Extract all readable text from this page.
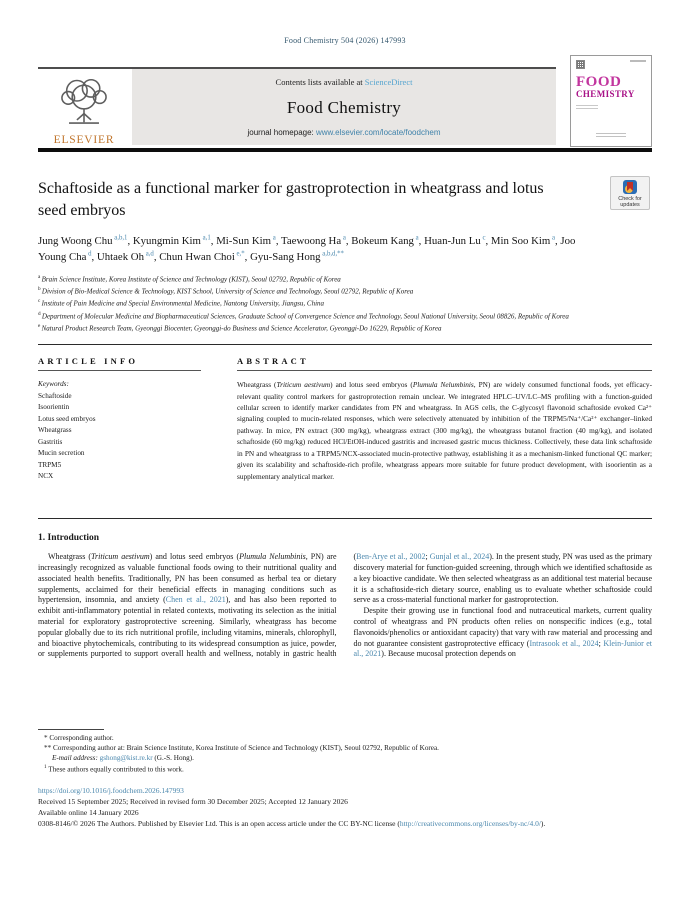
Food Chemistry 504 (2026) 147993
ELSEVIER
Contents lists available at ScienceDirect
Food Chemistry
journal homepage: www.elsevier.com/locate/foodchem
FOOD
CHEMISTRY
Schaftoside as a functional marker for gastroprotection in wheatgrass and lotus seed embryos
Check for updates
Jung Woong Chu $^{a,b,1}$, Kyungmin Kim $^{a,1}$, Mi-Sun Kim $^a$, Taewoong Ha $^a$, Bokeum Kang $^a$, Huan-Jun Lu $^c$, Min Soo Kim $^a$, Joo Young Cha $^d$, Uhtaek Oh $^{a,d}$, Chun Hwan Choi $^{e,*}$, Gyu-Sang Hong $^{a,b,d,**}$
$^a$ Brain Science Institute, Korea Institute of Science and Technology (KIST), Seoul 02792, Republic of Korea
$^b$ Division of Bio-Medical Science & Technology, KIST School, University of Science and Technology, Seoul 02792, Republic of Korea
$^c$ Institute of Pain Medicine and Special Environmental Medicine, Nantong University, Jiangsu, China
$^d$ Department of Molecular Medicine and Biopharmaceutical Sciences, Graduate School of Convergence Science and Technology, Seoul National University, Seoul 08826, Republic of Korea
$^e$ Natural Product Research Team, Gyeonggi Biocenter, Gyeonggi-do Business and Science Accelerator, Gyeonggi-Do 16229, Republic of Korea
ARTICLE INFO
Keywords:
Schaftoside
Isoorientin
Lotus seed embryos
Wheatgrass
Gastritis
Mucin secretion
TRPM5
NCX
ABSTRACT

Wheatgrass (Triticum aestivum) and lotus seed embryos (Plumula Nelumbinis, PN) are widely consumed functional foods, yet efficacy-relevant quality control markers for gastroprotection remain unclear. We integrated HPLC–UV/LC–MS profiling with a function-guided cellular screen to identify marker candidates from PN and wheatgrass. In AGS cells, the C-glycosyl flavonoid schaftoside evoked Ca²⁺ signaling coupled to mucin-related responses, which were selectively attenuated by inhibition of the TRPM5/Na⁺/Ca²⁺ exchanger–linked pathway. In mice, PN extract (300 mg/kg), wheatgrass extract (300 mg/kg), the wheatgrass butanol fraction (40 mg/kg), and isolated schaftoside (60 mg/kg) reduced HCl/EtOH-induced gastritis and increased gastric mucus thickness. Collectively, these data link schaftoside in PN and wheatgrass to a TRPM5/NCX-associated mucin-protective pathway, establishing it as a mechanism-linked functional QC marker; given its scalability and schaftoside-rich profile, wheatgrass appears more suitable for future product development, with isoorientin as a supplementary analytical marker.

1. Introduction

Wheatgrass (Triticum aestivum) and lotus seed embryos (Plumula Nelumbinis, PN) are increasingly recognized as valuable functional foods owing to their nutritional quality and associated health benefits. Traditionally, PN has been consumed as herbal tea or dietary supplements, acclaimed for their beneficial effects in managing conditions such as hypertension, insomnia, and anxiety (Chen et al., 2021), and has also been reported to exhibit anti-inflammatory potential in related contexts, motivating its selection as the initial material for exploratory gastroprotective screening. Similarly, wheatgrass has become popular globally due to its rich nutritional profile, including vitamins, minerals, chlorophyll, and bioactive phytochemicals, contributing to its widespread consumption as juice, powder, or supplements purported to support overall health and wellness, notably in gastric health (Ben-Arye et al., 2002; Gunjal et al., 2024). In the present study, PN was used as the primary discovery material for function-guided screening, through which we identified schaftoside as a key bioactive candidate. We then selected wheatgrass as an additional test material because it is a schaftoside-rich dietary source, enabling us to evaluate whether schaftoside could serve as a cross-material functional marker for gastroprotection.

Despite their growing use in functional food and nutraceutical markets, current quality control of wheatgrass and PN products often relies on nonspecific indices (e.g., total flavonoids/phenolics or antioxidant capacity) that vary with raw material and processing and do not guarantee consistent gastroprotective efficacy (Intrasook et al., 2024; Klein-Junior et al., 2021). Because mucosal protection depends on

* Corresponding author.
** Corresponding author at: Brain Science Institute, Korea Institute of Science and Technology (KIST), Seoul 02792, Republic of Korea.
E-mail address: gshong@kist.re.kr (G.-S. Hong).
$^1$ These authors equally contributed to this work.
https://doi.org/10.1016/j.foodchem.2026.147993
Received 15 September 2025; Received in revised form 30 December 2025; Accepted 12 January 2026
Available online 14 January 2026
0308-8146/© 2026 The Authors. Published by Elsevier Ltd. This is an open access article under the CC BY-NC license (http://creativecommons.org/licenses/by-nc/4.0/).
